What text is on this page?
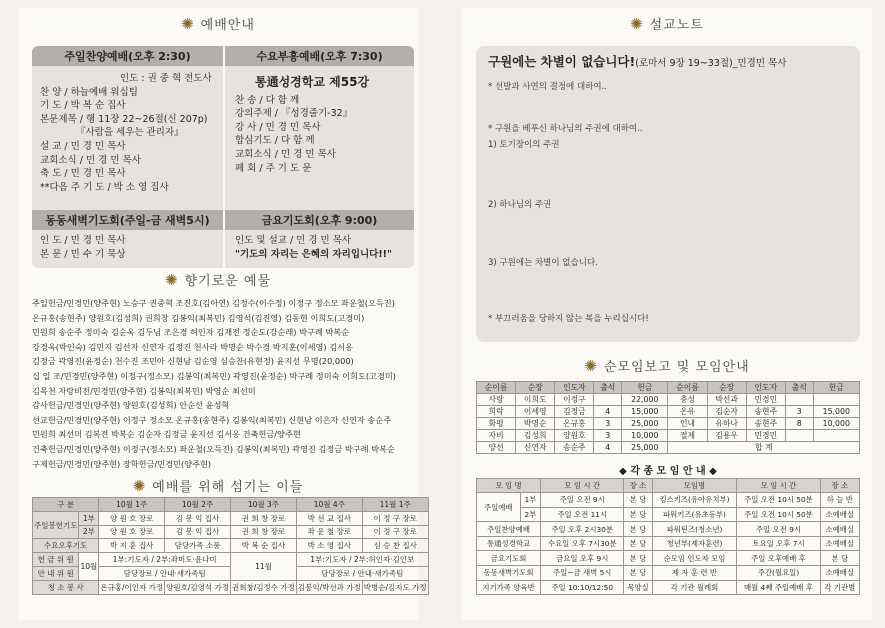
✺ 예배안내
주일찬양예배(오후 2:30)	수요부흥예배(오후 7:30)
인도 : 권 중 혁 전도사
찬 양 / 하늘예배 워십팀
기 도 / 박 복 순 집사
본문제목 / 행 11장 22~26절(신 207p)
『사람을 세우는 관리자』
설 교 / 민 경 민 목사
교회소식 / 민 경 민 목사
축 도 / 민 경 민 목사
**다음 주 기 도 / 박 소 영 집사
통通성경학교 제55강
찬 송 / 다 함 께
강의주제 / 『성경줄기-32』
강 사 / 민 경 민 목사
합심기도 / 다 함 께
교회소식 / 민 경 민 목사
폐 회 / 주 기 도 문
동동새벽기도회(주일-금 새벽5시)	금요기도회(오후 9:00)
인 도 / 민 경 민 목사
본 문 / 민 수 기 묵상
인도 및 설교 / 민 경 민 목사
"기도의 자리는 은혜의 자리입니다!!"
✺ 향기로운 예물
주일헌금/민경민(양주현) 노승구 권중혁 조진호(김아연) 김정수(이수정) 이정구 정소모 좌운철(오득진)
온규홍(송현주) 양원호(김성희) 권희창 김봉익(최복민) 김영석(김진영) 김동현 이희도(고경미)
민원희 송순주 정미숙 김순옥 김두님 조은경 허인자 김재전 정순도(강순래) 박구례 박복순
강경옥(박인숙) 김민지 김선자 신연자 김정진 천사라 박명순 박수경 박지훈(이세영) 김서옹
김정금 곽영진(윤정순) 천수진 조민아 신현남 김순영 심승찬(유현정) 윤지선 무명(20,000)
십 일 조/민경민(양주현) 이정구(정소모) 김봉익(최복민) 곽영진(윤정순) 박구례 정미숙 이희도(고경미)
김목천 자랑비전/민경민(양주현) 김봉익(최복민) 박영순 최선미
감사헌금/민경민(양주현) 양원호(김성희) 안순선 윤성혁
선교헌금/민경민(양주현) 이정구 정소모 온규홍(송현주) 김봉익(최복민) 신현남 이은자 신연자 송순주
민원희 최선미 김복전 박복순 김순자 김정금 윤지선 김서옹 건축헌금/양주현
건축헌금/민경민(양주현) 이정구(정소모) 좌운철(오득진) 김봉익(최복민) 곽영진 김정금 박구례 박복순
구제헌금/민경민(양주현) 장학헌금/민경민(양주현)
✺ 예배를 위해 섬기는 이들
구 분		10월 1주	10월 2주	10월 3주	10월 4주	11월 1주
주일봉헌기도	1부	양 원 호 장로	김 봉 익 집사	권 희 창 장로	박 선 교 집사	이 정 구 장로
	2부	양 원 호 장로	김 봉 익 집사	권 희 창 장로	좌 운 철 장로	이 정 구 장로
수요오후기도		박 지 훈 집사	담당가족 소풍	박 복 순 집사	박 소 영 집사	심 승 찬 집사
헌 금 위 원	10월	1부:기도자 / 2부:좌미도·윤나미		11월	1부:기도자 / 2부:허인자·김인보	
안 내 위 원		담당장로 / 안내·새가족팀			담당장로 / 안내·새가족팀	
청 소 봉 사		온규홍/이인자 가정	양원호/김영석 가정	권희창/김정수 가정	김봉익/박선과 가정	박병순/김지도 가정
✺ 설교노트
구원에는 차별이 없습니다!(로마서 9장 19~33절)_민경민 목사
* 선발과 사연의 결정에 대하여..
* 구원을 베푸신 하나님의 주권에 대하여..
1) 토기장이의 주권
2) 하나님의 주권
3) 구원에는 차별이 없습니다.
* 부끄러움을 당하지 않는 복을 누리십시다!
✺ 순모임보고 및 모임안내
순이름	순장	인도자	출석	헌금	순이름	순장	인도자	출석	헌금
사랑	이희도	이정구		22,000	충성	박선과	민경민		
희락	이세영	김정금	4	15,000	온유	김순자	송현주	3	15,000
화평	박명순	온규홍	3	25,000	인내	유하나	송현주	8	10,000
자비	김성희	양원호	3	10,000	절제	김용우	민경민		
양선	신연자	송순주	4	25,000	합 계				
◆ 각 종 모 임 안 내 ◆						
모 임 명		모 임 시 간	장 소	모임명	모 임 시 간	장 소
주일예배	1부	주일 오전 9시	본 당	킹스키즈(유아유치부)	주일 오전 10시 50분	하 늘 반
	2부	주일 오전 11시	본 당	파워키즈(유초등부)	주일 오전 10시 50분	소예배실
주일찬양예배		주일 오후 2시30분	본 당	파워틴즈(청소년)	주일 오전 9시	소예배실
통通성경학교		수요일 오후 7시30분	본 당	청년부(제자훈련)	토요일 오후 7시	소예배실
금요기도회		금요일 오후 9시	본 당	순모임 인도자 모임	주일 오후예배 후	본 당
동동새벽기도회		주일~금 새벽 5시	본 당	제 자 훈 련 반	주간(월요일)	소예배실
지기가족 양육반		주일 10:10/12:50	목양실	각 기관 월례회	매월 4째 주일예배 후	각 기관별
